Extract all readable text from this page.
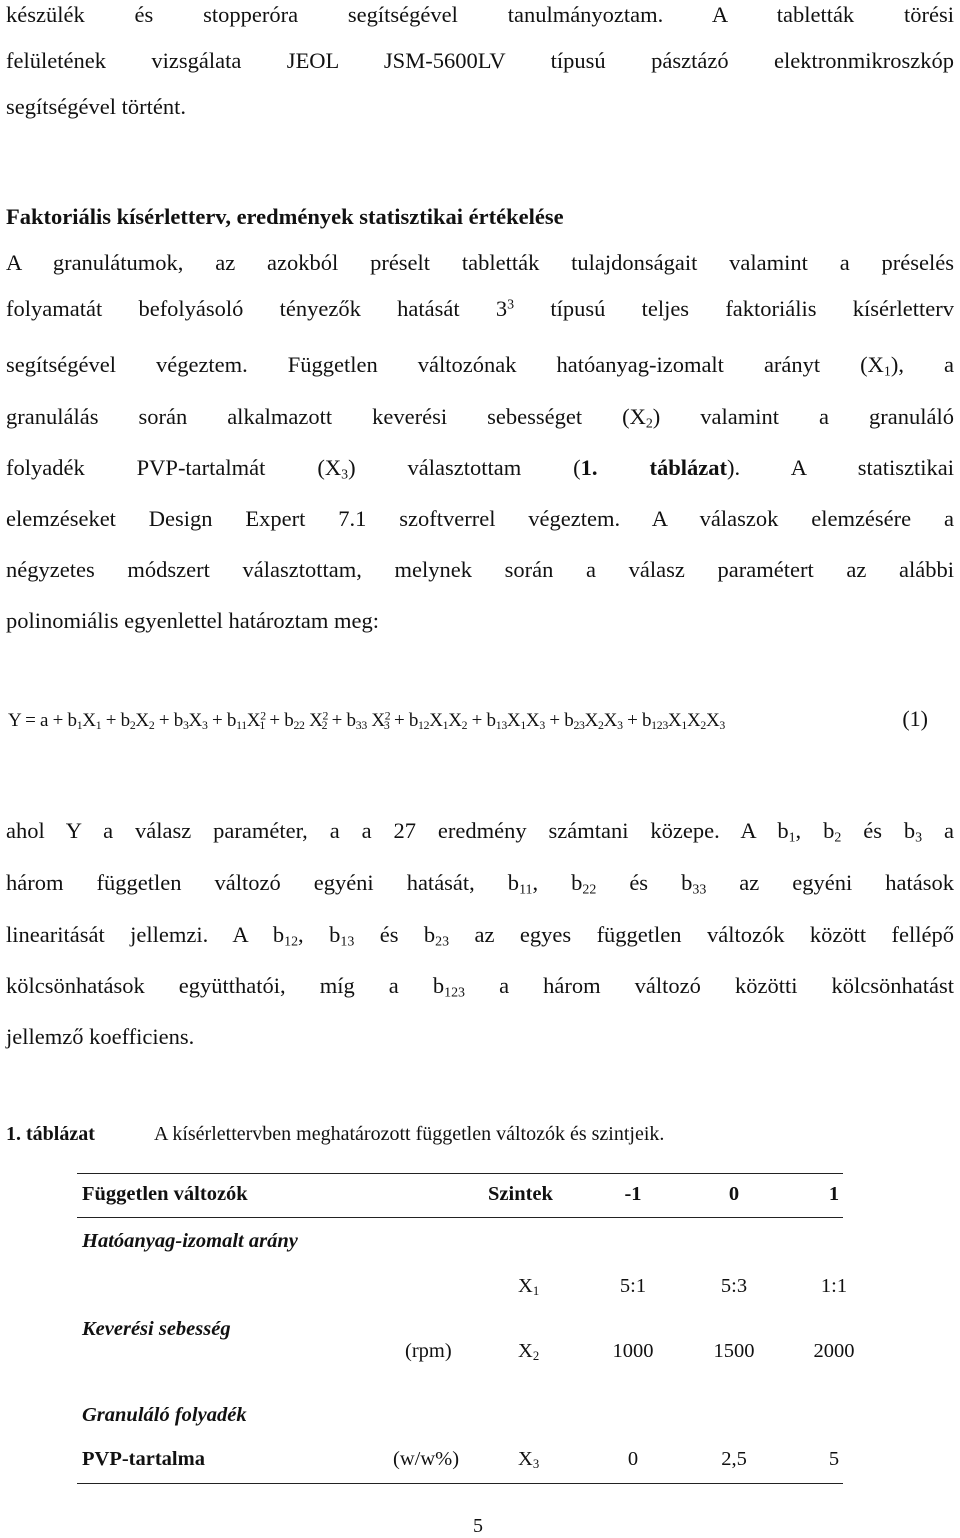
készülék és stopperóra segítségével tanulmányoztam. A tabletták törési

felületének vizsgálata JEOL JSM-5600LV típusú pásztázó elektronmikroszkóp

segítségével történt.

Faktoriális kísérletterv, eredmények statisztikai értékelése

A granulátumok, az azokból préselt tabletták tulajdonságait valamint a préselés

folyamatát befolyásoló tényezők hatását $3^3$ típusú teljes faktoriális kísérletterv

segítségével végeztem. Független változónak hatóanyag-izomalt arányt $(X_1)$, a

granulálás során alkalmazott keverési sebességet $(X_2)$ valamint a granuláló

folyadék PVP-tartalmát $(X_3)$ választottam (1. táblázat). A statisztikai

elemzéseket Design Expert 7.1 szoftverrel végeztem. A válaszok elemzésére a

négyzetes módszert választottam, melynek során a válasz paramétert az alábbi

polinomiális egyenlettel határoztam meg:

$Y = a + b_1X_1 + b_2X_2 + b_3X_3 + b_{11}X^2_1 + b_{22}$ $X^2_2 + b_{33}$ $X^2_3 + b_{12}X_1X_2 + b_{13}X_1X_3 + b_{23}X_2X_3 + b_{123}X_1X_2X_3$	(1)

ahol Y a válasz paraméter, a a 27 eredmény számtani közepe. A $b_1$, $b_2$ és $b_3$ a

három független változó egyéni hatását, $b_{11}$, $b_{22}$ és $b_{33}$ az egyéni hatások

linearitását jellemzi. A $b_{12}$, $b_{13}$ és $b_{23}$ az egyes független változók között fellépő

kölcsönhatások együtthatói, míg a $b_{123}$ a három változó közötti kölcsönhatást

jellemző koefficiens.

1. táblázat	A kísérlettervben meghatározott független változók és szintjeik.
Független változók	Szintek	-1	0	1
Hatóanyag-izomalt arány
$X_1$	5:1	5:3	1:1
Keverési sebesség
(rpm)	$X_2$	1000	1500	2000
Granuláló folyadék
PVP-tartalma	(w/w%)	$X_3$	0	2,5	5
5
